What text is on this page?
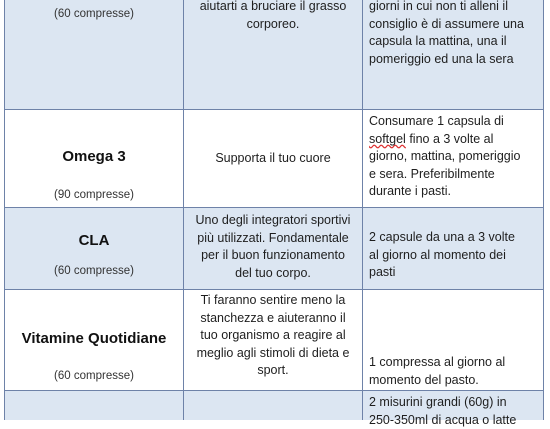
(60 compresse)
aiutarti a bruciare il grasso
corporeo.
giorni in cui non ti alleni il
consiglio è di assumere una
capsula la mattina, una il
pomeriggio ed una la sera
Omega 3
(90 compresse)
Supporta il tuo cuore
Consumare 1 capsula di
softgel fino a 3 volte al
giorno, mattina, pomeriggio
e sera. Preferibilmente
durante i pasti.
CLA
(60 compresse)
Uno degli integratori sportivi
più utilizzati. Fondamentale
per il buon funzionamento
del tuo corpo.
2 capsule da una a 3 volte
al giorno al momento dei
pasti
Vitamine Quotidiane
(60 compresse)
Ti faranno sentire meno la
stanchezza e aiuteranno il
tuo organismo a reagire al
meglio agli stimoli di dieta e
sport.
1 compressa al giorno al
momento del pasto.
2 misurini grandi (60g) in
250-350ml di acqua o latte
